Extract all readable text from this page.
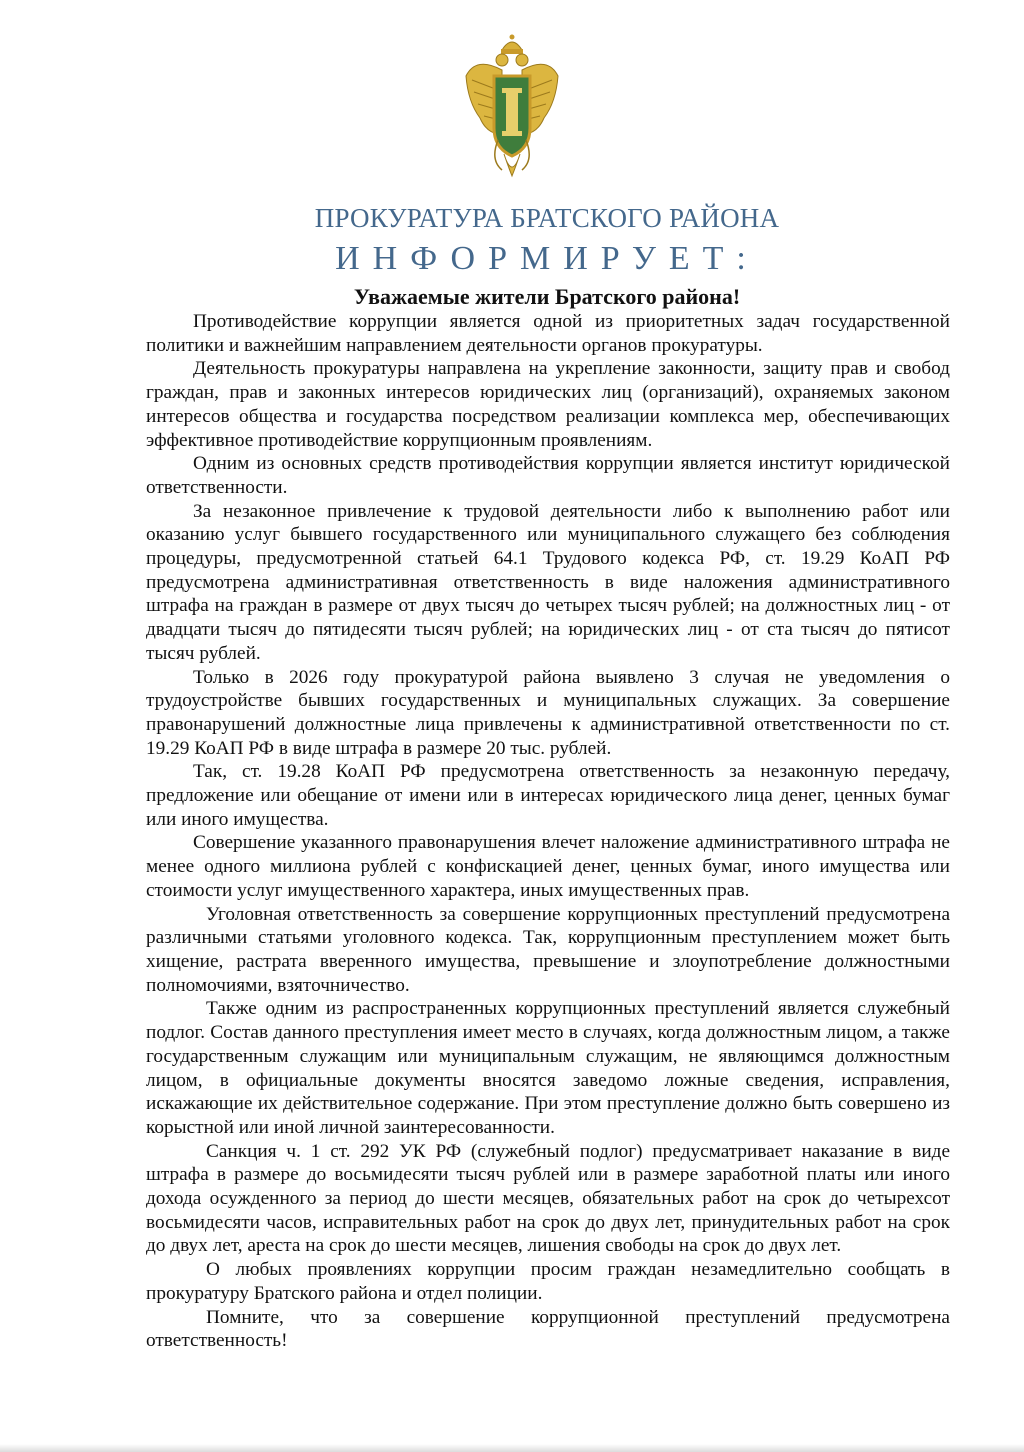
ПРОКУРАТУРА БРАТСКОГО РАЙОНА
ИНФОРМИРУЕТ:
Уважаемые жители Братского района!

Противодействие коррупции является одной из приоритетных задач государственной политики и важнейшим направлением деятельности органов прокуратуры.

Деятельность прокуратуры направлена на укрепление законности, защиту прав и свобод граждан, прав и законных интересов юридических лиц (организаций), охраняемых законом интересов общества и государства посредством реализации комплекса мер, обеспечивающих эффективное противодействие коррупционным проявлениям.

Одним из основных средств противодействия коррупции является институт юридической ответственности.

За незаконное привлечение к трудовой деятельности либо к выполнению работ или оказанию услуг бывшего государственного или муниципального служащего без соблюдения процедуры, предусмотренной статьей 64.1 Трудового кодекса РФ, ст. 19.29 КоАП РФ предусмотрена административная ответственность в виде наложения административного штрафа на граждан в размере от двух тысяч до четырех тысяч рублей; на должностных лиц - от двадцати тысяч до пятидесяти тысяч рублей; на юридических лиц - от ста тысяч до пятисот тысяч рублей.

Только в 2026 году прокуратурой района выявлено 3 случая не уведомления о трудоустройстве бывших государственных и муниципальных служащих. За совершение правонарушений должностные лица привлечены к административной ответственности по ст. 19.29 КоАП РФ в виде штрафа в размере 20 тыс. рублей.

Так, ст. 19.28 КоАП РФ предусмотрена ответственность за незаконную передачу, предложение или обещание от имени или в интересах юридического лица денег, ценных бумаг или иного имущества.

Совершение указанного правонарушения влечет наложение административного штрафа не менее одного миллиона рублей с конфискацией денег, ценных бумаг, иного имущества или стоимости услуг имущественного характера, иных имущественных прав.

Уголовная ответственность за совершение коррупционных преступлений предусмотрена различными статьями уголовного кодекса. Так, коррупционным преступлением может быть хищение, растрата вверенного имущества, превышение и злоупотребление должностными полномочиями, взяточничество.

Также одним из распространенных коррупционных преступлений является служебный подлог. Состав данного преступления имеет место в случаях, когда должностным лицом, а также государственным служащим или муниципальным служащим, не являющимся должностным лицом, в официальные документы вносятся заведомо ложные сведения, исправления, искажающие их действительное содержание. При этом преступление должно быть совершено из корыстной или иной личной заинтересованности.

Санкция ч. 1 ст. 292 УК РФ (служебный подлог) предусматривает наказание в виде штрафа в размере до восьмидесяти тысяч рублей или в размере заработной платы или иного дохода осужденного за период до шести месяцев, обязательных работ на срок до четырехсот восьмидесяти часов, исправительных работ на срок до двух лет, принудительных работ на срок до двух лет, ареста на срок до шести месяцев, лишения свободы на срок до двух лет.

О любых проявлениях коррупции просим граждан незамедлительно сообщать в прокуратуру Братского района и отдел полиции.

Помните, что за совершение коррупционной преступлений предусмотрена ответственность!
